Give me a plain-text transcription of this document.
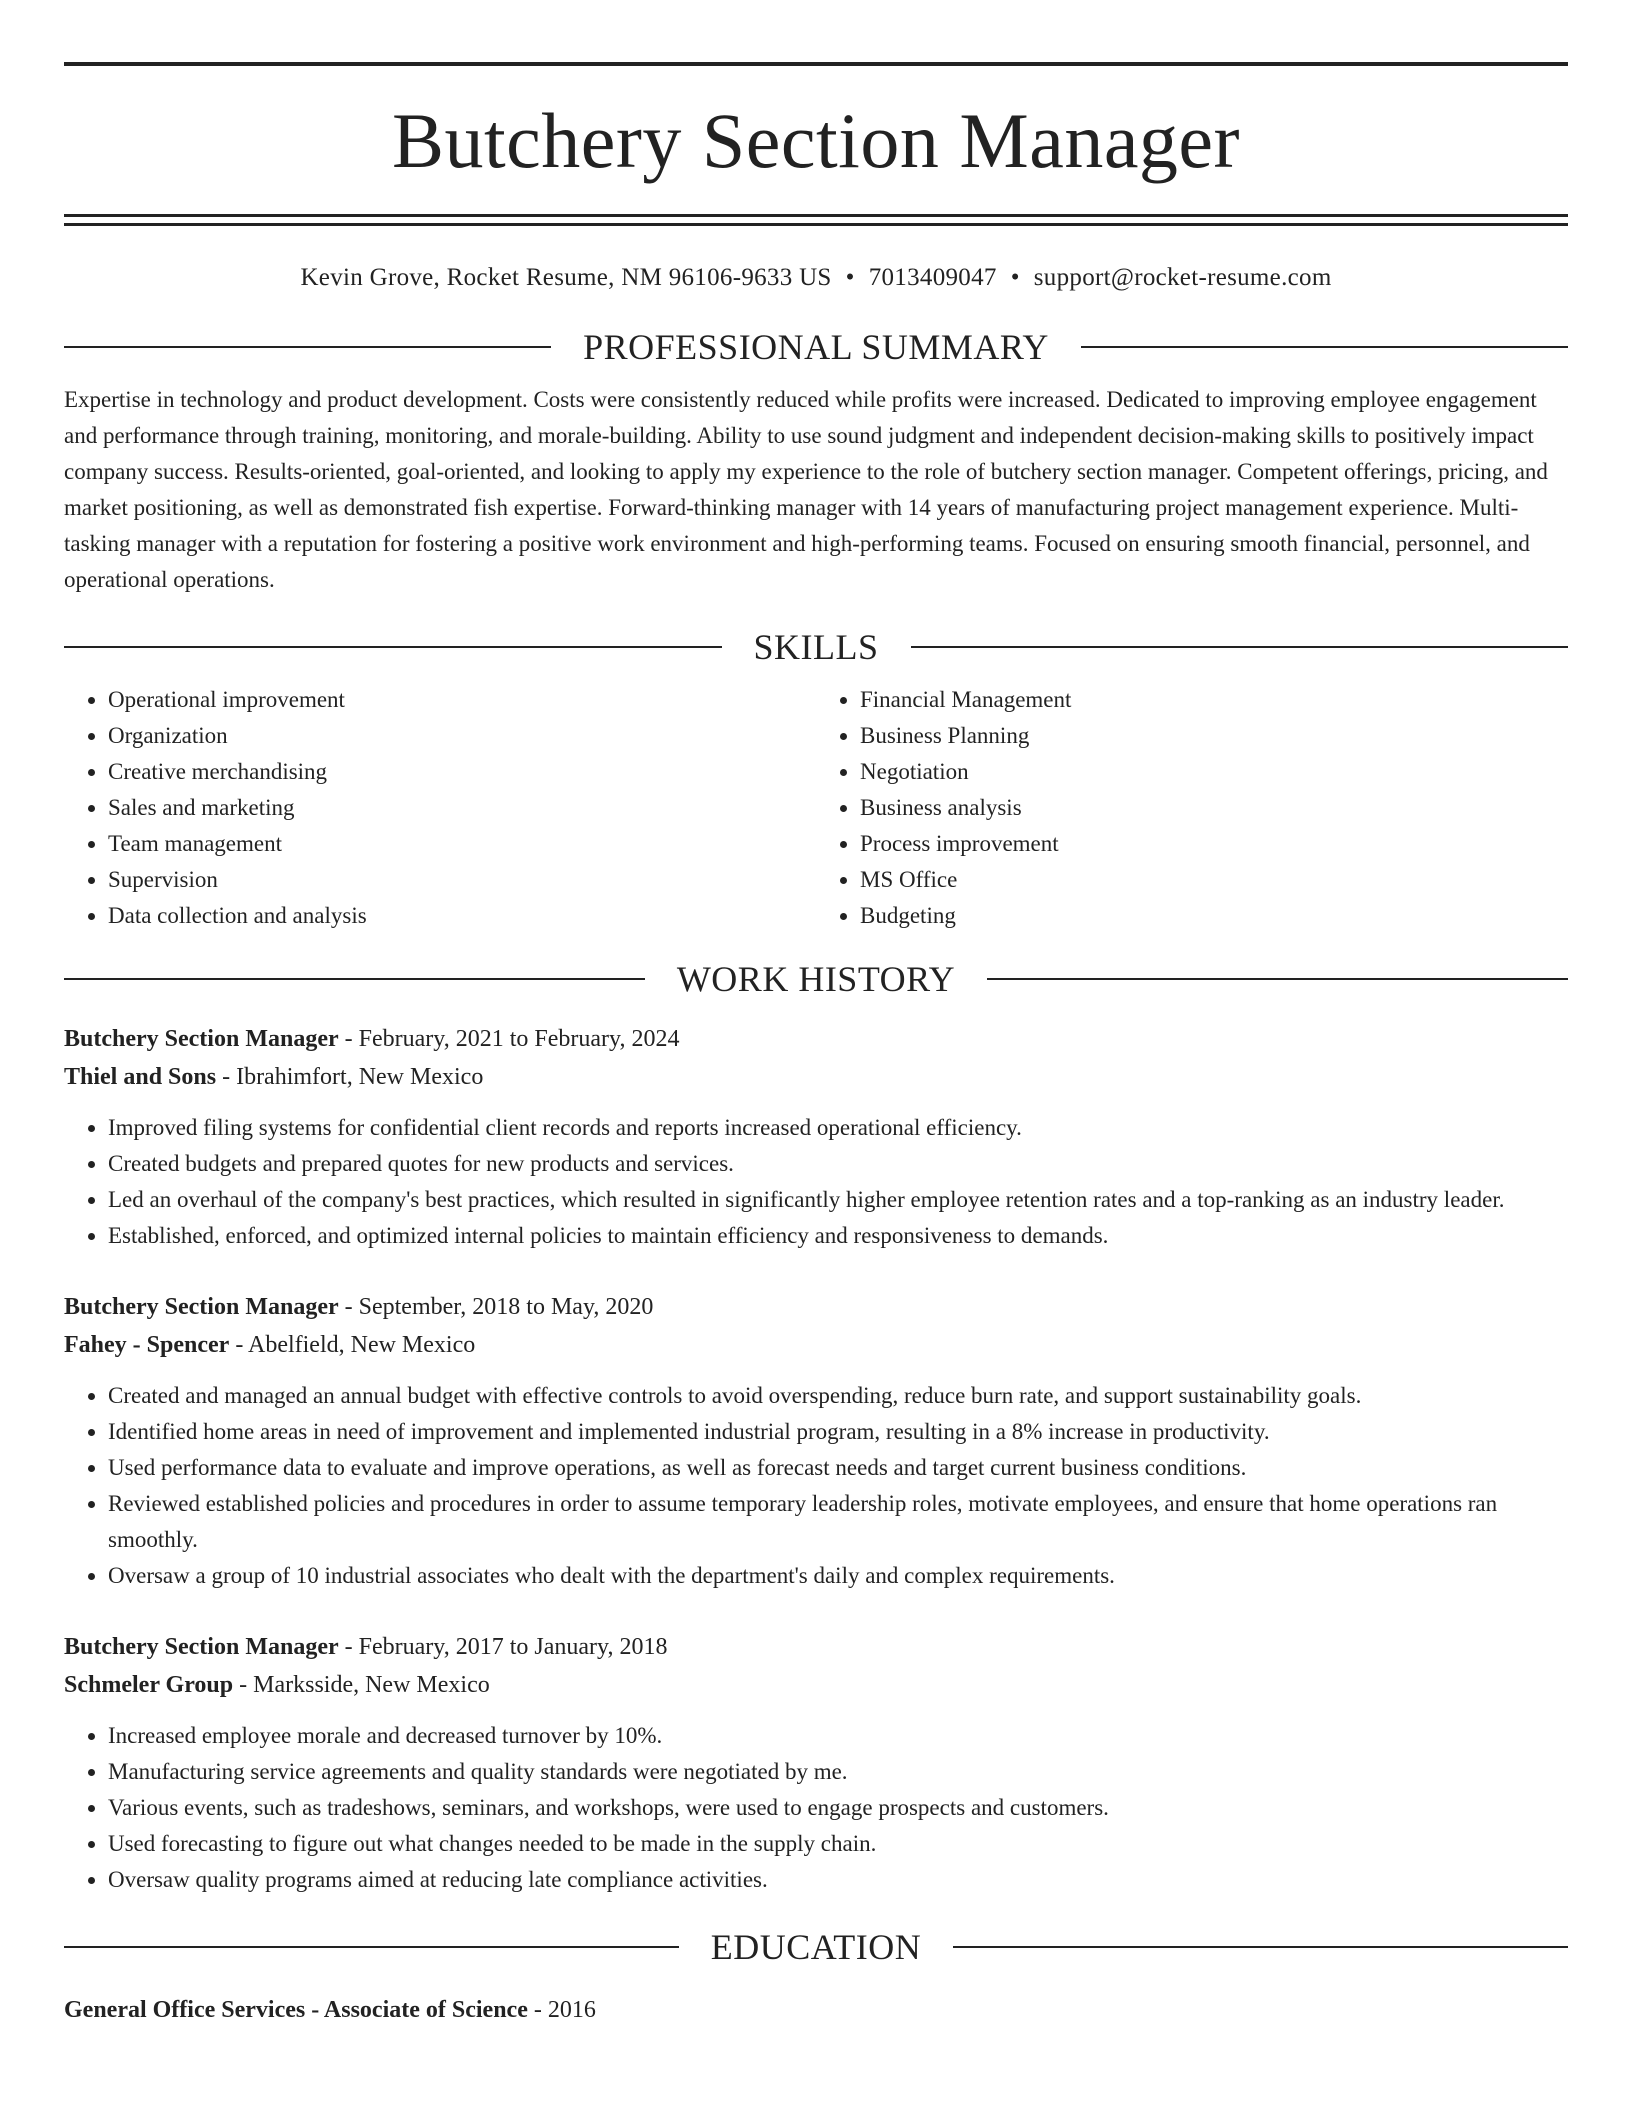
Butchery Section Manager
Kevin Grove, Rocket Resume, NM 96106-9633 US • 7013409047 • support@rocket-resume.com
PROFESSIONAL SUMMARY
Expertise in technology and product development. Costs were consistently reduced while profits were increased. Dedicated to improving employee engagement and performance through training, monitoring, and morale-building. Ability to use sound judgment and independent decision-making skills to positively impact company success. Results-oriented, goal-oriented, and looking to apply my experience to the role of butchery section manager. Competent offerings, pricing, and market positioning, as well as demonstrated fish expertise. Forward-thinking manager with 14 years of manufacturing project management experience. Multi-tasking manager with a reputation for fostering a positive work environment and high-performing teams. Focused on ensuring smooth financial, personnel, and operational operations.
SKILLS
• Operational improvement
• Organization
• Creative merchandising
• Sales and marketing
• Team management
• Supervision
• Data collection and analysis
• Financial Management
• Business Planning
• Negotiation
• Business analysis
• Process improvement
• MS Office
• Budgeting
WORK HISTORY
Butchery Section Manager - February, 2021 to February, 2024
Thiel and Sons - Ibrahimfort, New Mexico
• Improved filing systems for confidential client records and reports increased operational efficiency.
• Created budgets and prepared quotes for new products and services.
• Led an overhaul of the company's best practices, which resulted in significantly higher employee retention rates and a top-ranking as an industry leader.
• Established, enforced, and optimized internal policies to maintain efficiency and responsiveness to demands.
Butchery Section Manager - September, 2018 to May, 2020
Fahey - Spencer - Abelfield, New Mexico
• Created and managed an annual budget with effective controls to avoid overspending, reduce burn rate, and support sustainability goals.
• Identified home areas in need of improvement and implemented industrial program, resulting in a 8% increase in productivity.
• Used performance data to evaluate and improve operations, as well as forecast needs and target current business conditions.
• Reviewed established policies and procedures in order to assume temporary leadership roles, motivate employees, and ensure that home operations ran smoothly.
• Oversaw a group of 10 industrial associates who dealt with the department's daily and complex requirements.
Butchery Section Manager - February, 2017 to January, 2018
Schmeler Group - Marksside, New Mexico
• Increased employee morale and decreased turnover by 10%.
• Manufacturing service agreements and quality standards were negotiated by me.
• Various events, such as tradeshows, seminars, and workshops, were used to engage prospects and customers.
• Used forecasting to figure out what changes needed to be made in the supply chain.
• Oversaw quality programs aimed at reducing late compliance activities.
EDUCATION
General Office Services - Associate of Science - 2016
